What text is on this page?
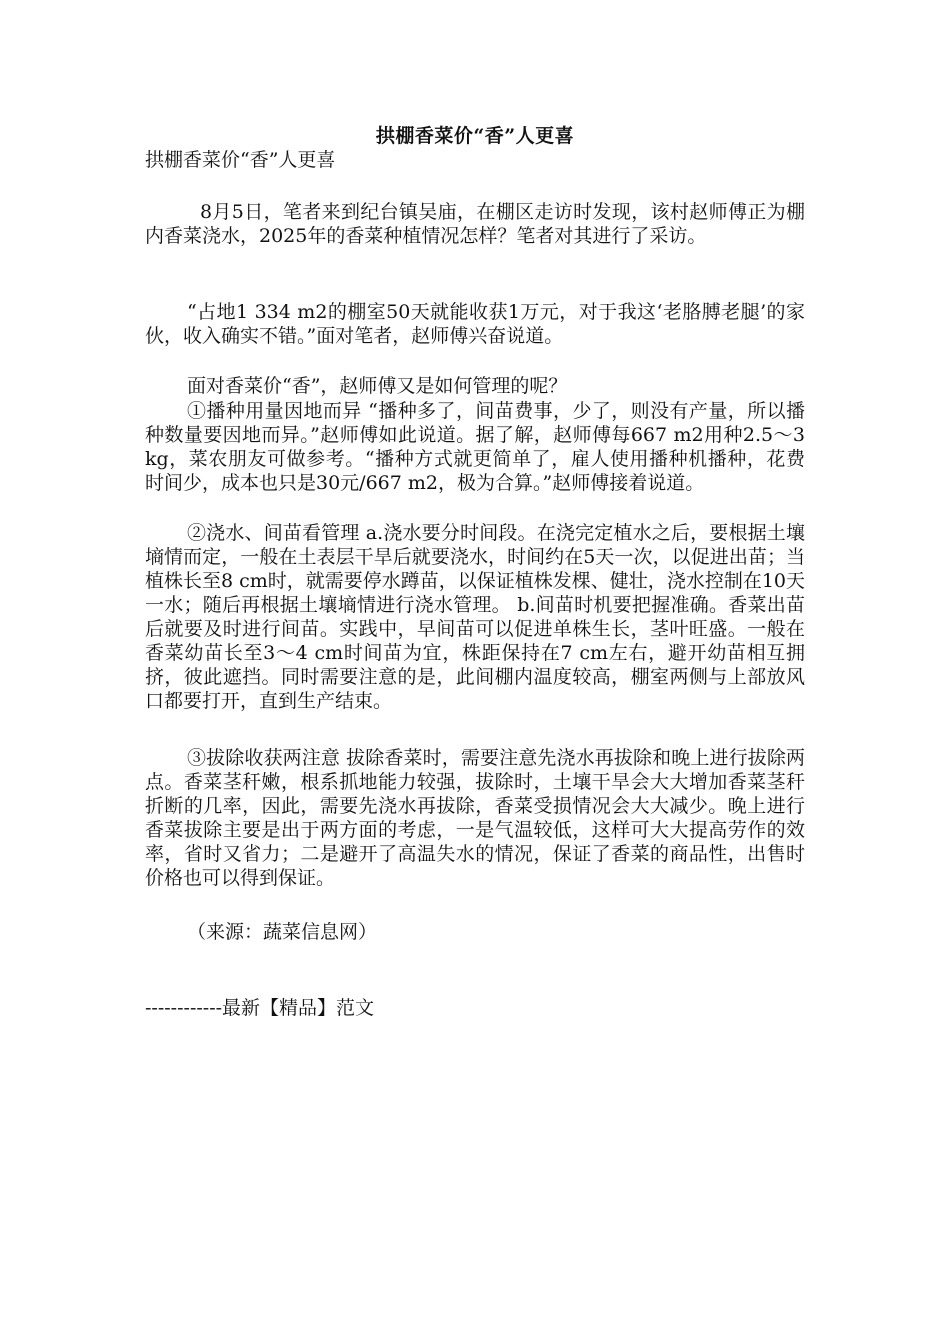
拱棚香菜价“香”人更喜
拱棚香菜价“香”人更喜
8月5日，笔者来到纪台镇吴庙，在棚区走访时发现，该村赵师傅正为棚内香菜浇水，2025年的香菜种植情况怎样？笔者对其进行了采访。
“占地1 334 m2的棚室50天就能收获1万元，对于我这‘老胳膊老腿’的家伙，收入确实不错。”面对笔者，赵师傅兴奋说道。
面对香菜价“香”，赵师傅又是如何管理的呢？
①播种用量因地而异 “播种多了，间苗费事，少了，则没有产量，所以播种数量要因地而异。”赵师傅如此说道。据了解，赵师傅每667 m2用种2.5～3 kg，菜农朋友可做参考。“播种方式就更简单了，雇人使用播种机播种，花费时间少，成本也只是30元/667 m2，极为合算。”赵师傅接着说道。
②浇水、间苗看管理 a.浇水要分时间段。在浇完定植水之后，要根据土壤墒情而定，一般在土表层干旱后就要浇水，时间约在5天一次，以促进出苗；当植株长至8 cm时，就需要停水蹲苗，以保证植株发棵、健壮，浇水控制在10天一水；随后再根据土壤墒情进行浇水管理。 b.间苗时机要把握准确。香菜出苗后就要及时进行间苗。实践中，早间苗可以促进单株生长，茎叶旺盛。一般在香菜幼苗长至3～4 cm时间苗为宜，株距保持在7 cm左右，避开幼苗相互拥挤，彼此遮挡。同时需要注意的是，此间棚内温度较高，棚室两侧与上部放风口都要打开，直到生产结束。
③拔除收获两注意 拔除香菜时，需要注意先浇水再拔除和晚上进行拔除两点。香菜茎秆嫩，根系抓地能力较强，拔除时，土壤干旱会大大增加香菜茎秆折断的几率，因此，需要先浇水再拔除，香菜受损情况会大大减少。晚上进行香菜拔除主要是出于两方面的考虑，一是气温较低，这样可大大提高劳作的效率，省时又省力；二是避开了高温失水的情况，保证了香菜的商品性，出售时价格也可以得到保证。
（来源：蔬菜信息网）
------------最新【精品】范文
